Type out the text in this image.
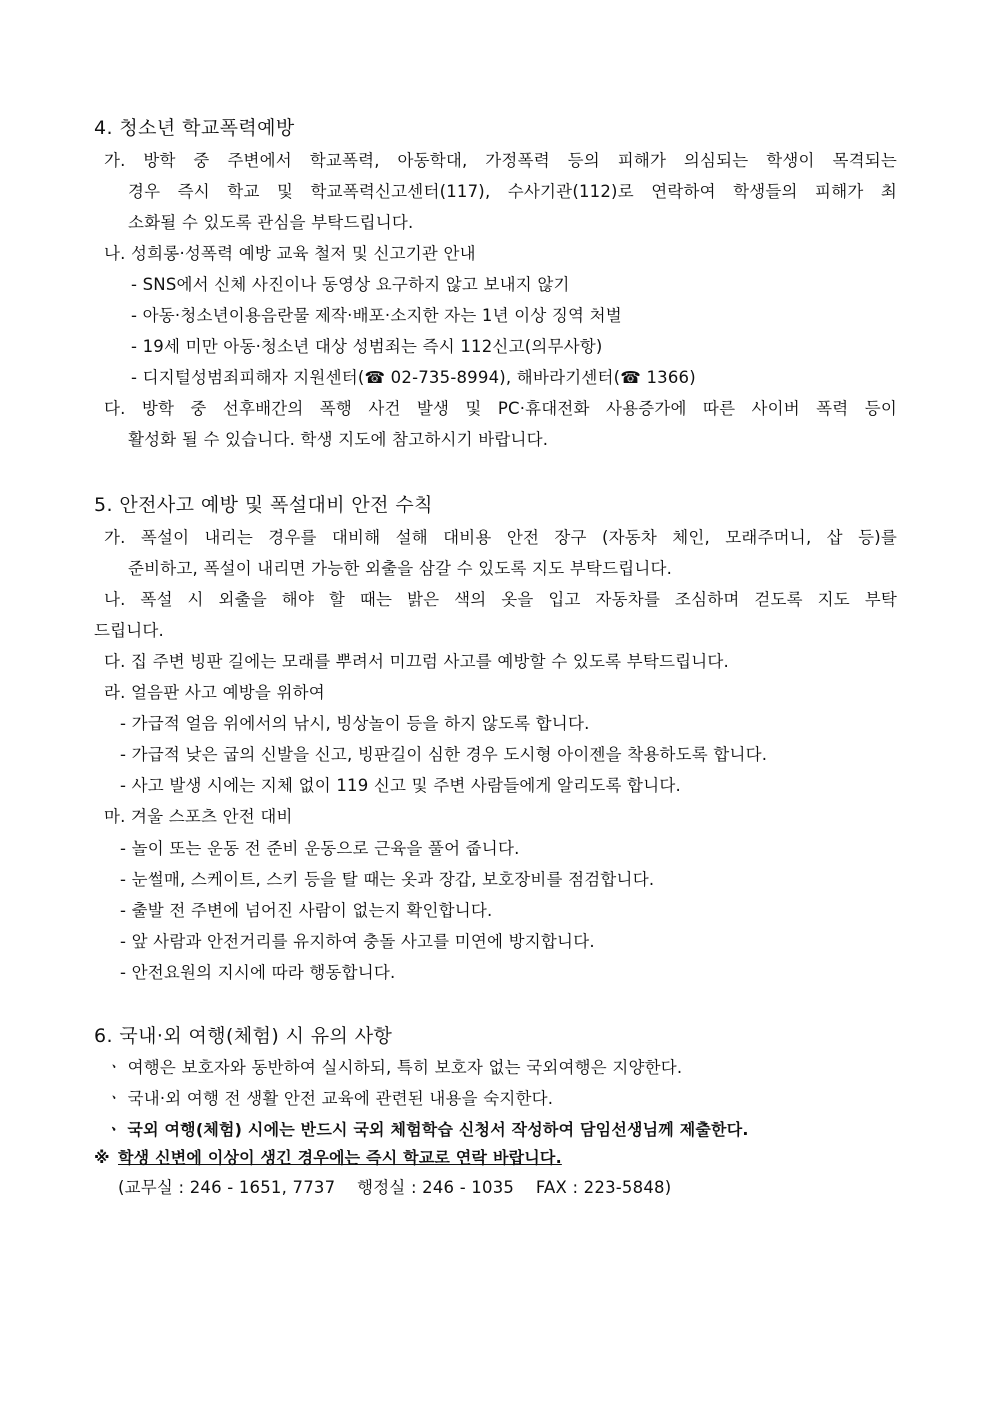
4. 청소년 학교폭력예방
가. 방학 중 주변에서 학교폭력, 아동학대, 가정폭력 등의 피해가 의심되는 학생이 목격되는
경우 즉시 학교 및 학교폭력신고센터(117), 수사기관(112)로 연락하여 학생들의 피해가 최
소화될 수 있도록 관심을 부탁드립니다.
나. 성희롱·성폭력 예방 교육 철저 및 신고기관 안내
- SNS에서 신체 사진이나 동영상 요구하지 않고 보내지 않기
- 아동·청소년이용음란물 제작·배포·소지한 자는 1년 이상 징역 처벌
- 19세 미만 아동·청소년 대상 성범죄는 즉시 112신고(의무사항)
- 디지털성범죄피해자 지원센터(☎ 02-735-8994), 해바라기센터(☎ 1366)
다. 방학 중 선후배간의 폭행 사건 발생 및 PC·휴대전화 사용증가에 따른 사이버 폭력 등이
활성화 될 수 있습니다. 학생 지도에 참고하시기 바랍니다.
5. 안전사고 예방 및 폭설대비 안전 수칙
가. 폭설이 내리는 경우를 대비해 설해 대비용 안전 장구 (자동차 체인, 모래주머니, 삽 등)를
준비하고, 폭설이 내리면 가능한 외출을 삼갈 수 있도록 지도 부탁드립니다.
나. 폭설 시 외출을 해야 할 때는 밝은 색의 옷을 입고 자동차를 조심하며 걷도록 지도 부탁
드립니다.
다. 집 주변 빙판 길에는 모래를 뿌려서 미끄럼 사고를 예방할 수 있도록 부탁드립니다.
라. 얼음판 사고 예방을 위하여
- 가급적 얼음 위에서의 낚시, 빙상놀이 등을 하지 않도록 합니다.
- 가급적 낮은 굽의 신발을 신고, 빙판길이 심한 경우 도시형 아이젠을 착용하도록 합니다.
- 사고 발생 시에는 지체 없이 119 신고 및 주변 사람들에게 알리도록 합니다.
마. 겨울 스포츠 안전 대비
- 놀이 또는 운동 전 준비 운동으로 근육을 풀어 줍니다.
- 눈썰매, 스케이트, 스키 등을 탈 때는 옷과 장갑, 보호장비를 점검합니다.
- 출발 전 주변에 넘어진 사람이 없는지 확인합니다.
- 앞 사람과 안전거리를 유지하여 충돌 사고를 미연에 방지합니다.
- 안전요원의 지시에 따라 행동합니다.
6. 국내·외 여행(체험) 시 유의 사항
ㆍ 여행은 보호자와 동반하여 실시하되, 특히 보호자 없는 국외여행은 지양한다.
ㆍ 국내·외 여행 전 생활 안전 교육에 관련된 내용을 숙지한다.
ㆍ 국외 여행(체험) 시에는 반드시 국외 체험학습 신청서 작성하여 담임선생님께 제출한다.
※ 학생 신변에 이상이 생긴 경우에는 즉시 학교로 연락 바랍니다.
(교무실 : 246 - 1651, 7737    행정실 : 246 - 1035    FAX : 223-5848)
